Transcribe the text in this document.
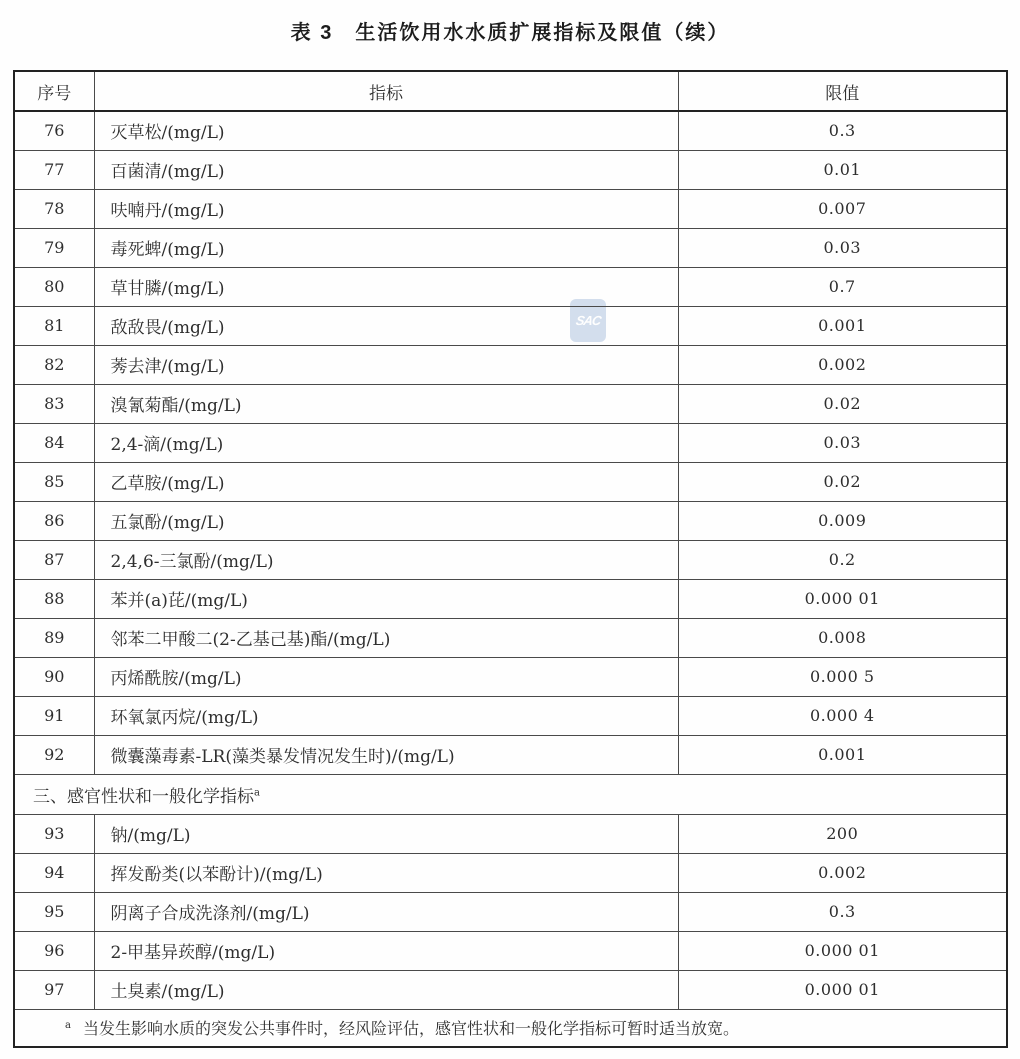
表 3　生活饮用水水质扩展指标及限值（续）
SAC
序号	指标	限值
76	灭草松/(mg/L)	0.3
77	百菌清/(mg/L)	0.01
78	呋喃丹/(mg/L)	0.007
79	毒死蜱/(mg/L)	0.03
80	草甘膦/(mg/L)	0.7
81	敌敌畏/(mg/L)	0.001
82	莠去津/(mg/L)	0.002
83	溴氰菊酯/(mg/L)	0.02
84	2,4-滴/(mg/L)	0.03
85	乙草胺/(mg/L)	0.02
86	五氯酚/(mg/L)	0.009
87	2,4,6-三氯酚/(mg/L)	0.2
88	苯并(a)芘/(mg/L)	0.000 01
89	邻苯二甲酸二(2-乙基己基)酯/(mg/L)	0.008
90	丙烯酰胺/(mg/L)	0.000 5
91	环氧氯丙烷/(mg/L)	0.000 4
92	微囊藻毒素-LR(藻类暴发情况发生时)/(mg/L)	0.001
三、感官性状和一般化学指标$^a$
93	钠/(mg/L)	200
94	挥发酚类(以苯酚计)/(mg/L)	0.002
95	阴离子合成洗涤剂/(mg/L)	0.3
96	2-甲基异莰醇/(mg/L)	0.000 01
97	土臭素/(mg/L)	0.000 01
$^a$ 当发生影响水质的突发公共事件时，经风险评估，感官性状和一般化学指标可暂时适当放宽。		
